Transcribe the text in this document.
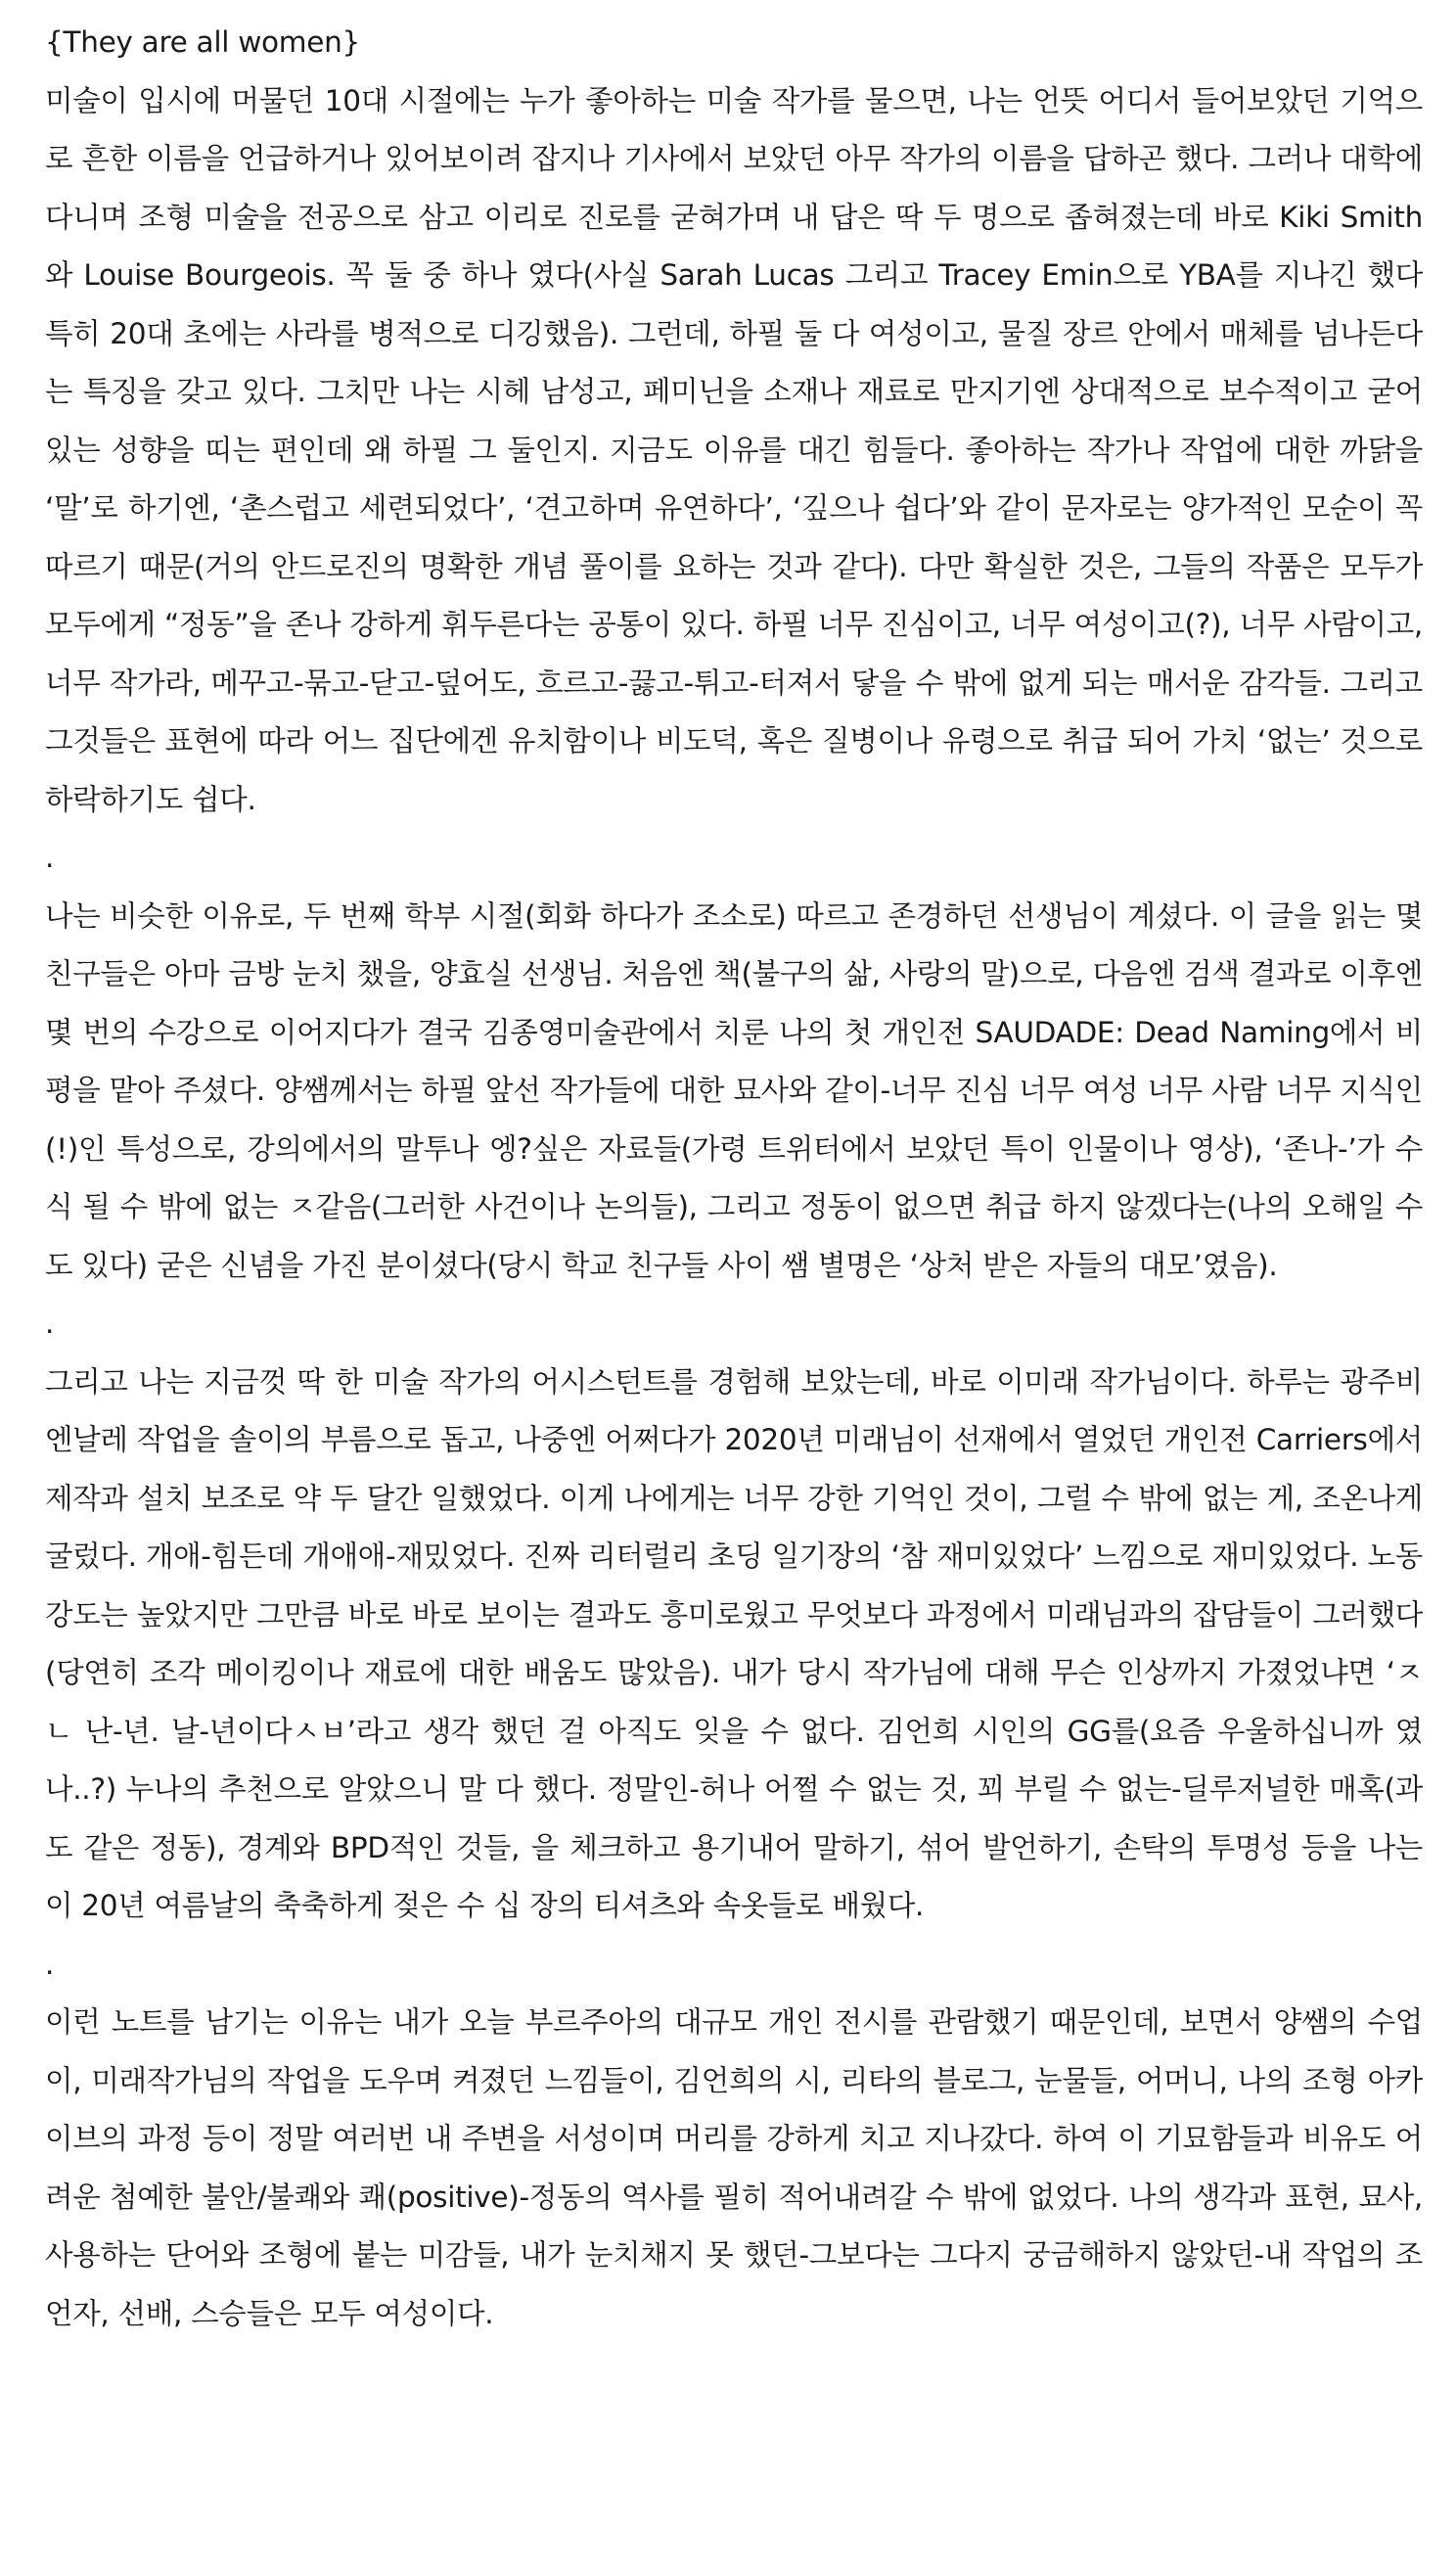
{They are all women}

미술이 입시에 머물던 10대 시절에는 누가 좋아하는 미술 작가를 물으면, 나는 언뜻 어디서 들어보았던 기억으로 흔한 이름을 언급하거나 있어보이려 잡지나 기사에서 보았던 아무 작가의 이름을 답하곤 했다. 그러나 대학에 다니며 조형 미술을 전공으로 삼고 이리로 진로를 굳혀가며 내 답은 딱 두 명으로 좁혀졌는데 바로 Kiki Smith와 Louise Bourgeois. 꼭 둘 중 하나 였다(사실 Sarah Lucas 그리고 Tracey Emin으로 YBA를 지나긴 했다 특히 20대 초에는 사라를 병적으로 디깅했음). 그런데, 하필 둘 다 여성이고, 물질 장르 안에서 매체를 넘나든다는 특징을 갖고 있다. 그치만 나는 시헤 남성고, 페미닌을 소재나 재료로 만지기엔 상대적으로 보수적이고 굳어 있는 성향을 띠는 편인데 왜 하필 그 둘인지. 지금도 이유를 대긴 힘들다. 좋아하는 작가나 작업에 대한 까닭을 ‘말’로 하기엔, ‘촌스럽고 세련되었다’, ‘견고하며 유연하다’, ‘깊으나 쉽다’와 같이 문자로는 양가적인 모순이 꼭 따르기 때문(거의 안드로진의 명확한 개념 풀이를 요하는 것과 같다). 다만 확실한 것은, 그들의 작품은 모두가 모두에게 “정동”을 존나 강하게 휘두른다는 공통이 있다. 하필 너무 진심이고, 너무 여성이고(?), 너무 사람이고, 너무 작가라, 메꾸고-묶고-닫고-덮어도, 흐르고-끓고-튀고-터져서 닿을 수 밖에 없게 되는 매서운 감각들. 그리고 그것들은 표현에 따라 어느 집단에겐 유치함이나 비도덕, 혹은 질병이나 유령으로 취급 되어 가치 ‘없는’ 것으로 하락하기도 쉽다.

.

나는 비슷한 이유로, 두 번째 학부 시절(회화 하다가 조소로) 따르고 존경하던 선생님이 계셨다. 이 글을 읽는 몇 친구들은 아마 금방 눈치 챘을, 양효실 선생님. 처음엔 책(불구의 삶, 사랑의 말)으로, 다음엔 검색 결과로 이후엔 몇 번의 수강으로 이어지다가 결국 김종영미술관에서 치룬 나의 첫 개인전 SAUDADE: Dead Naming에서 비평을 맡아 주셨다. 양쌤께서는 하필 앞선 작가들에 대한 묘사와 같이-너무 진심 너무 여성 너무 사람 너무 지식인(!)인 특성으로, 강의에서의 말투나 엥?싶은 자료들(가령 트위터에서 보았던 특이 인물이나 영상), ‘존나-’가 수식 될 수 밖에 없는 ㅈ같음(그러한 사건이나 논의들), 그리고 정동이 없으면 취급 하지 않겠다는(나의 오해일 수도 있다) 굳은 신념을 가진 분이셨다(당시 학교 친구들 사이 쌤 별명은 ‘상처 받은 자들의 대모’였음).

.

그리고 나는 지금껏 딱 한 미술 작가의 어시스턴트를 경험해 보았는데, 바로 이미래 작가님이다. 하루는 광주비엔날레 작업을 솔이의 부름으로 돕고, 나중엔 어쩌다가 2020년 미래님이 선재에서 열었던 개인전 Carriers에서 제작과 설치 보조로 약 두 달간 일했었다. 이게 나에게는 너무 강한 기억인 것이, 그럴 수 밖에 없는 게, 조온나게 굴렀다. 개애-힘든데 개애애-재밌었다. 진짜 리터럴리 초딩 일기장의 ‘참 재미있었다’ 느낌으로 재미있었다. 노동 강도는 높았지만 그만큼 바로 바로 보이는 결과도 흥미로웠고 무엇보다 과정에서 미래님과의 잡담들이 그러했다(당연히 조각 메이킹이나 재료에 대한 배움도 많았음). 내가 당시 작가님에 대해 무슨 인상까지 가졌었냐면 ‘ㅈㄴ 난-년. 날-년이다ㅅㅂ’라고 생각 했던 걸 아직도 잊을 수 없다. 김언희 시인의 GG를(요즘 우울하십니까 였나..?) 누나의 추천으로 알았으니 말 다 했다. 정말인-허나 어쩔 수 없는 것, 꾀 부릴 수 없는-딜루저널한 매혹(과도 같은 정동), 경계와 BPD적인 것들, 을 체크하고 용기내어 말하기, 섞어 발언하기, 손탁의 투명성 등을 나는 이 20년 여름날의 축축하게 젖은 수 십 장의 티셔츠와 속옷들로 배웠다.

.

이런 노트를 남기는 이유는 내가 오늘 부르주아의 대규모 개인 전시를 관람했기 때문인데, 보면서 양쌤의 수업이, 미래작가님의 작업을 도우며 켜졌던 느낌들이, 김언희의 시, 리타의 블로그, 눈물들, 어머니, 나의 조형 아카이브의 과정 등이 정말 여러번 내 주변을 서성이며 머리를 강하게 치고 지나갔다. 하여 이 기묘함들과 비유도 어려운 첨예한 불안/불쾌와 쾌(positive)-정동의 역사를 필히 적어내려갈 수 밖에 없었다. 나의 생각과 표현, 묘사, 사용하는 단어와 조형에 붙는 미감들, 내가 눈치채지 못 했던-그보다는 그다지 궁금해하지 않았던-내 작업의 조언자, 선배, 스승들은 모두 여성이다.
